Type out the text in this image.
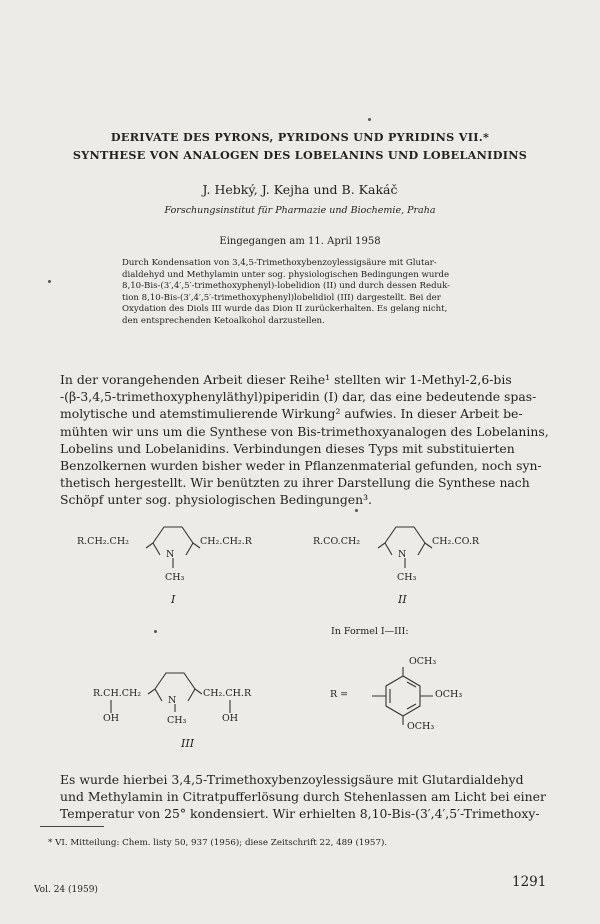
DERIVATE DES PYRONS, PYRIDONS UND PYRIDINS VII.*
SYNTHESE VON ANALOGEN DES LOBELANINS UND LOBELANIDINS
J. Hebký, J. Kejha und B. Kakáč
Forschungsinstitut für Pharmazie und Biochemie, Praha
Eingegangen am 11. April 1958
Durch Kondensation von 3,4,5-Trimethoxybenzoylessigsäure mit Glutar-
dialdehyd und Methylamin unter sog. physiologischen Bedingungen wurde
8,10-Bis-(3′,4′,5′-trimethoxyphenyl)-lobelidion (II) und durch dessen Reduk-
tion 8,10-Bis-(3′,4′,5′-trimethoxyphenyl)lobelidiol (III) dargestellt. Bei der
Oxydation des Diols III wurde das Dion II zurückerhalten. Es gelang nicht,
den entsprechenden Ketoalkohol darzustellen.
In der vorangehenden Arbeit dieser Reihe¹ stellten wir 1-Methyl-2,6-bis
-(β-3,4,5-trimethoxyphenyläthyl)piperidin (I) dar, das eine bedeutende spas-
molytische und atemstimulierende Wirkung² aufwies. In dieser Arbeit be-
mühten wir uns um die Synthese von Bis-trimethoxyanalogen des Lobelanins,
Lobelins und Lobelanidins. Verbindungen dieses Typs mit substituierten
Benzolkernen wurden bisher weder in Pflanzenmaterial gefunden, noch syn-
thetisch hergestellt. Wir benützten zu ihrer Darstellung die Synthese nach
Schöpf unter sog. physiologischen Bedingungen³.
R.CH₂.CH₂
N
CH₂.CH₂.R
CH₃
I
R.CO.CH₂
N
CH₂.CO.R
CH₃
II
In Formel I—III:
R.CH.CH₂
N
CH₂.CH.R
CH₃
OH	OH
III
R =
OCH₃
OCH₃
OCH₃
Es wurde hierbei 3,4,5-Trimethoxybenzoylessigsäure mit Glutardialdehyd
und Methylamin in Citratpufferlösung durch Stehenlassen am Licht bei einer
Temperatur von 25° kondensiert. Wir erhielten 8,10-Bis-(3′,4′,5′-Trimethoxy-
* VI. Mitteilung: Chem. listy 50, 937 (1956); diese Zeitschrift 22, 489 (1957).
Vol. 24 (1959)	1291
